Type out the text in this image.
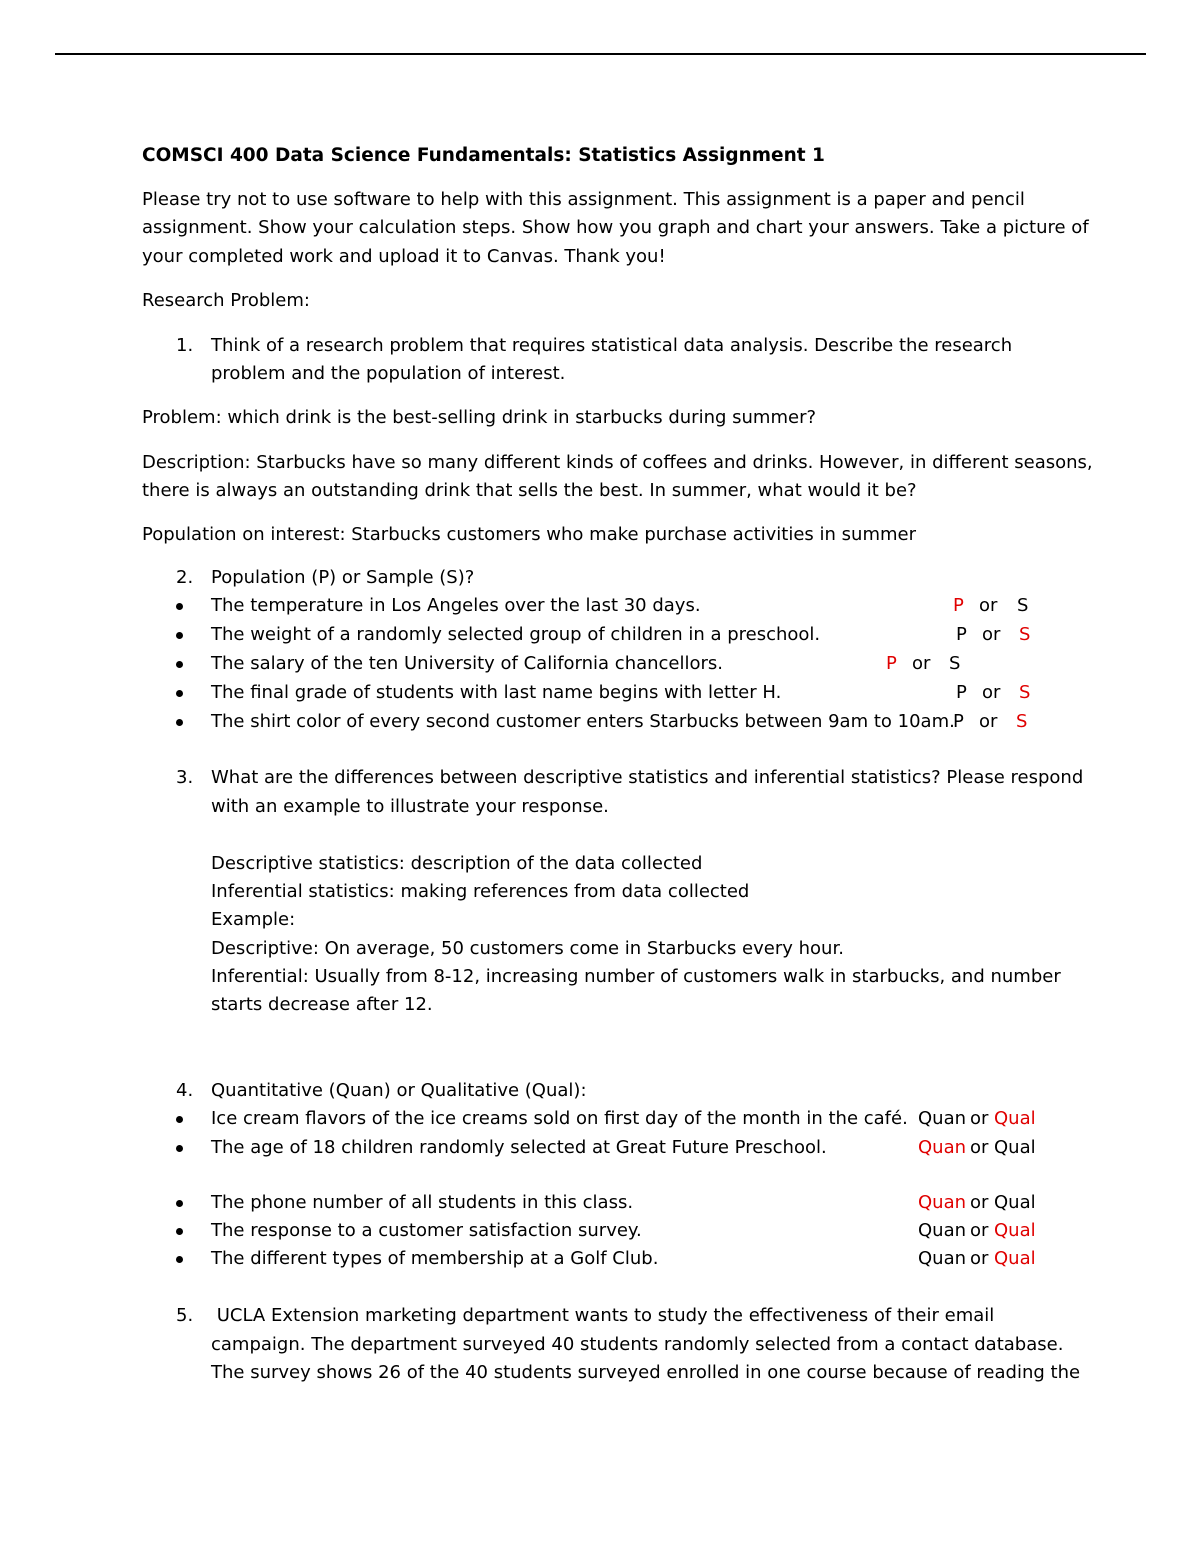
COMSCI 400 Data Science Fundamentals: Statistics Assignment 1
Please try not to use software to help with this assignment. This assignment is a paper and pencil
assignment. Show your calculation steps. Show how you graph and chart your answers. Take a picture of
your completed work and upload it to Canvas. Thank you!
Research Problem:
1. Think of a research problem that requires statistical data analysis. Describe the research
problem and the population of interest.
Problem: which drink is the best-selling drink in starbucks during summer?
Description: Starbucks have so many different kinds of coffees and drinks. However, in different seasons,
there is always an outstanding drink that sells the best. In summer, what would it be?
Population on interest: Starbucks customers who make purchase activities in summer
2. Population (P) or Sample (S)?
The temperature in Los Angeles over the last 30 days.	P or S
The weight of a randomly selected group of children in a preschool.	P or S
The salary of the ten University of California chancellors.	P or S
The final grade of students with last name begins with letter H.	P or S
The shirt color of every second customer enters Starbucks between 9am to 10am.
P or S
3. What are the differences between descriptive statistics and inferential statistics? Please respond
with an example to illustrate your response.
Descriptive statistics: description of the data collected
Inferential statistics: making references from data collected
Example:
Descriptive: On average, 50 customers come in Starbucks every hour.
Inferential: Usually from 8-12, increasing number of customers walk in starbucks, and number
starts decrease after 12.
4. Quantitative (Quan) or Qualitative (Qual):
Ice cream flavors of the ice creams sold on first day of the month in the café. Quan or Qual
The age of 18 children randomly selected at Great Future Preschool.	Quan or Qual
The phone number of all students in this class.	Quan or Qual
The response to a customer satisfaction survey.	Quan or Qual
The different types of membership at a Golf Club.	Quan or Qual
5. UCLA Extension marketing department wants to study the effectiveness of their email
campaign. The department surveyed 40 students randomly selected from a contact database.
The survey shows 26 of the 40 students surveyed enrolled in one course because of reading the
